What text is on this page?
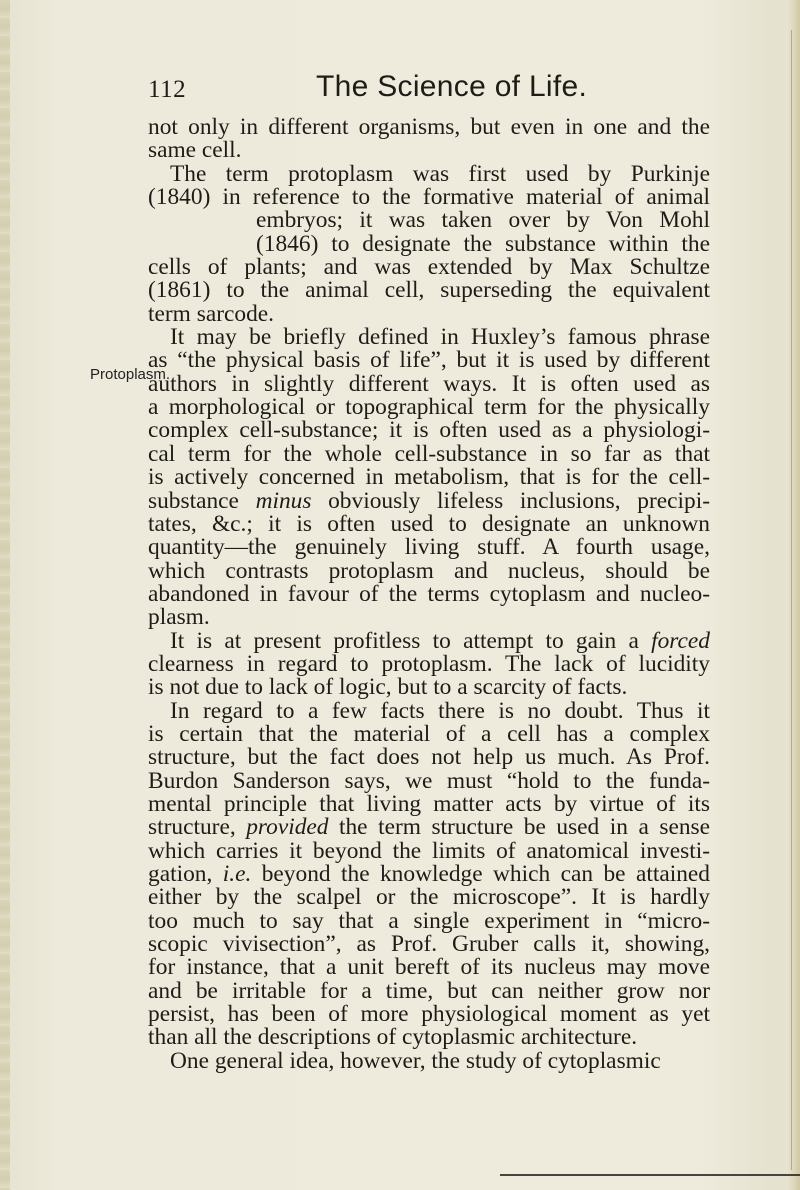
112	The Science of Life.
Protoplasm.
not only in different organisms, but even in one and the
same cell.
The term protoplasm was first used by Purkinje
(1840) in reference to the formative material of animal
embryos; it was taken over by Von Mohl
(1846) to designate the substance within the
cells of plants; and was extended by Max Schultze
(1861) to the animal cell, superseding the equivalent
term sarcode.
It may be briefly defined in Huxley’s famous phrase
as “the physical basis of life”, but it is used by different
authors in slightly different ways. It is often used as
a morphological or topographical term for the physically
complex cell-substance; it is often used as a physiologi-
cal term for the whole cell-substance in so far as that
is actively concerned in metabolism, that is for the cell-
substance minus obviously lifeless inclusions, precipi-
tates, &c.; it is often used to designate an unknown
quantity—the genuinely living stuff. A fourth usage,
which contrasts protoplasm and nucleus, should be
abandoned in favour of the terms cytoplasm and nucleo-
plasm.
It is at present profitless to attempt to gain a forced
clearness in regard to protoplasm. The lack of lucidity
is not due to lack of logic, but to a scarcity of facts.
In regard to a few facts there is no doubt. Thus it
is certain that the material of a cell has a complex
structure, but the fact does not help us much. As Prof.
Burdon Sanderson says, we must “hold to the funda-
mental principle that living matter acts by virtue of its
structure, provided the term structure be used in a sense
which carries it beyond the limits of anatomical investi-
gation, i.e. beyond the knowledge which can be attained
either by the scalpel or the microscope”. It is hardly
too much to say that a single experiment in “micro-
scopic vivisection”, as Prof. Gruber calls it, showing,
for instance, that a unit bereft of its nucleus may move
and be irritable for a time, but can neither grow nor
persist, has been of more physiological moment as yet
than all the descriptions of cytoplasmic architecture.
One general idea, however, the study of cytoplasmic
